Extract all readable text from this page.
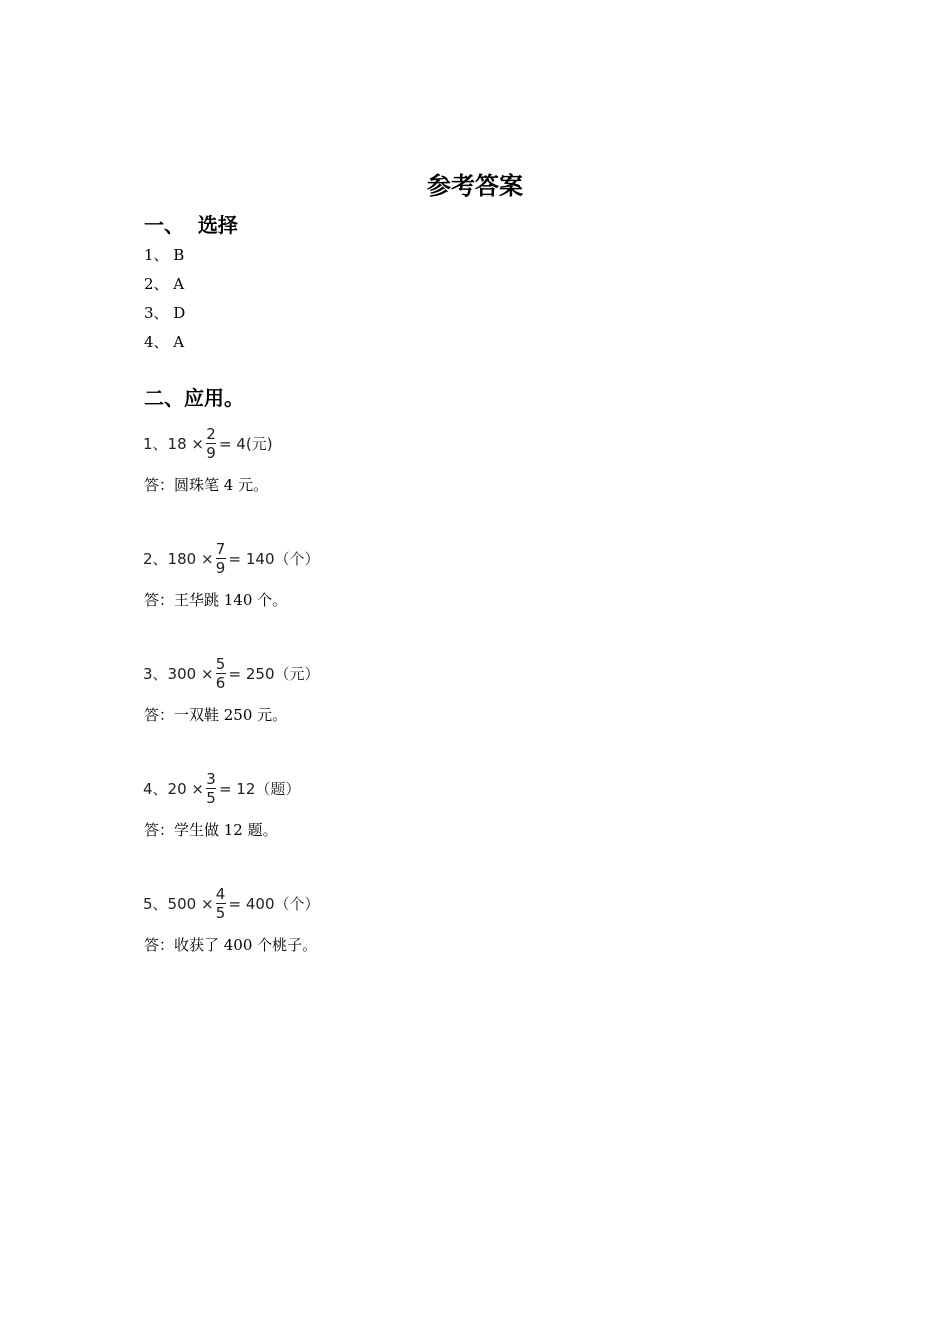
参考答案
一、  选择
1、 B
2、 A
3、 D
4、 A
二、应用。
1、$18 \times \frac{2}{9} = 4$(元)
答：圆珠笔 4 元。
2、$180 \times \frac{7}{9} = 140$（个）
答：王华跳 140 个。
3、$300 \times \frac{5}{6} = 250$（元）
答：一双鞋 250 元。
4、$20 \times \frac{3}{5} = 12$（题）
答：学生做 12 题。
5、$500 \times \frac{4}{5} = 400$（个）
答：收获了 400 个桃子。
